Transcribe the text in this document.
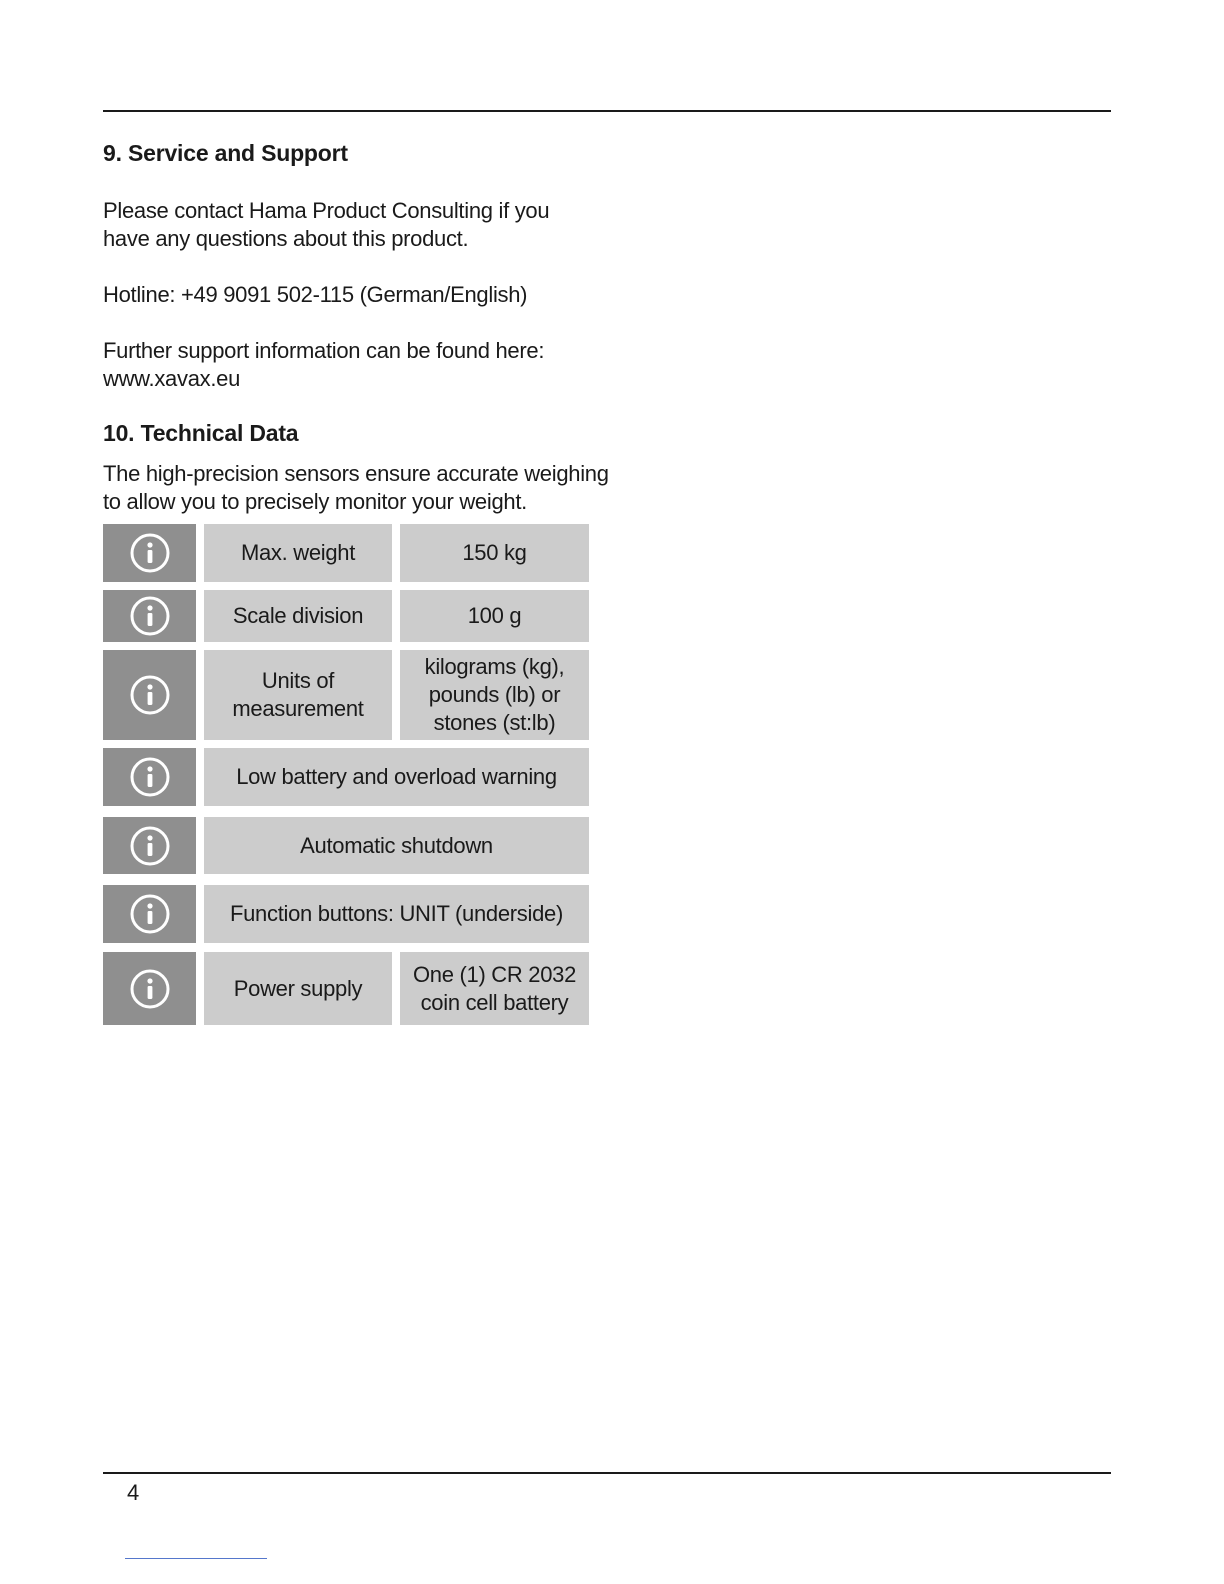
9. Service and Support

Please contact Hama Product Consulting if you
have any questions about this product.

Hotline: +49 9091 502-115 (German/English)

Further support information can be found here:
www.xavax.eu

10. Technical Data

The high-precision sensors ensure accurate weighing
to allow you to precisely monitor your weight.

Max. weight	150 kg
Scale division	100 g
Units of
measurement
kilograms (kg),
pounds (lb) or
stones (st:lb)
Low battery and overload warning
Automatic shutdown
Function buttons: UNIT (underside)
Power supply
One (1) CR 2032
coin cell battery
4
